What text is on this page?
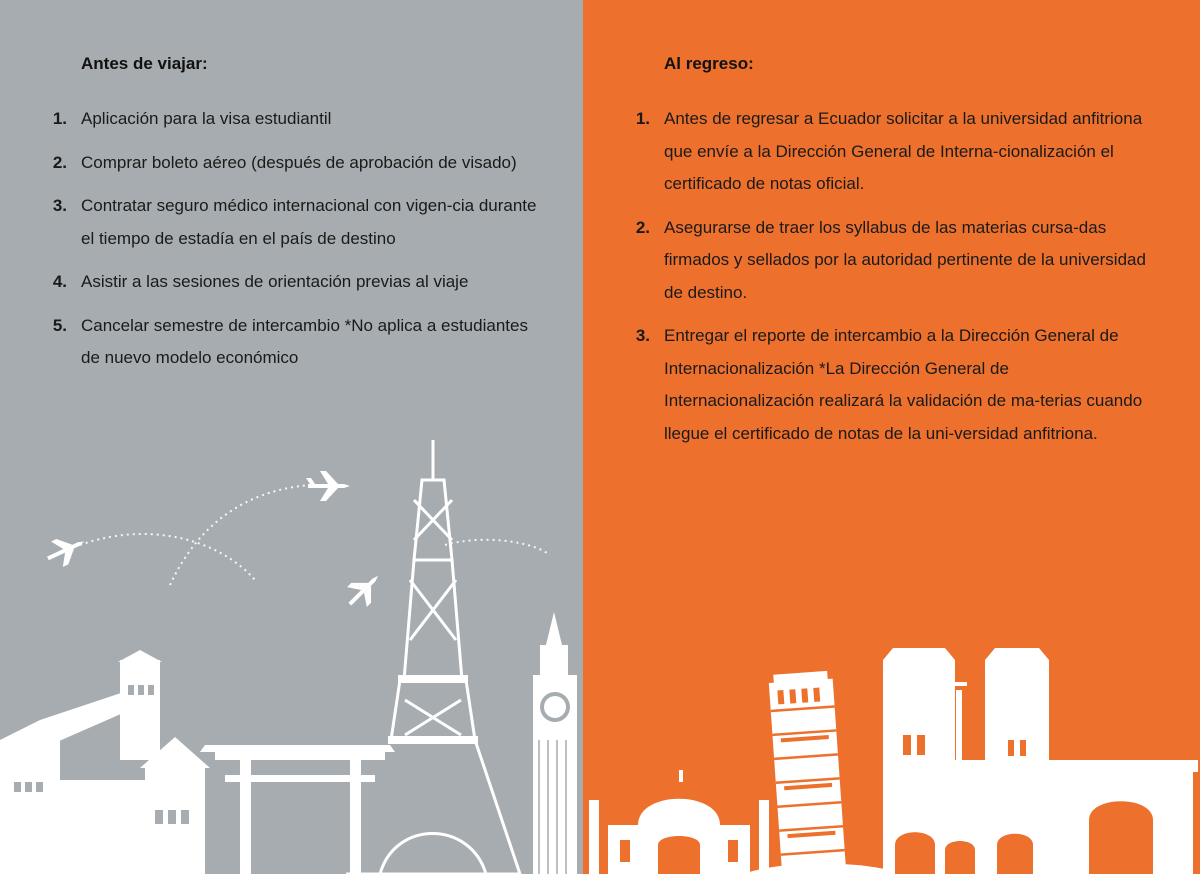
Antes de viajar:
1. Aplicación para la visa estudiantil
2. Comprar boleto aéreo (después de aprobación de visado)
3. Contratar seguro médico internacional con vigen-cia durante el tiempo de estadía en el país de destino
4. Asistir a las sesiones de orientación previas al viaje
5. Cancelar semestre de intercambio *No aplica a estudiantes de nuevo modelo económico
Al regreso:
1. Antes de regresar a Ecuador solicitar a la universidad anfitriona que envíe a la Dirección General de Interna-cionalización el certificado de notas oficial.
2. Asegurarse de traer los syllabus de las materias cursa-das firmados y sellados por la autoridad pertinente de la universidad de destino.
3. Entregar el reporte de intercambio a la Dirección General de Internacionalización *La Dirección General de Internacionalización realizará la validación de ma-terias cuando llegue el certificado de notas de la uni-versidad anfitriona.
